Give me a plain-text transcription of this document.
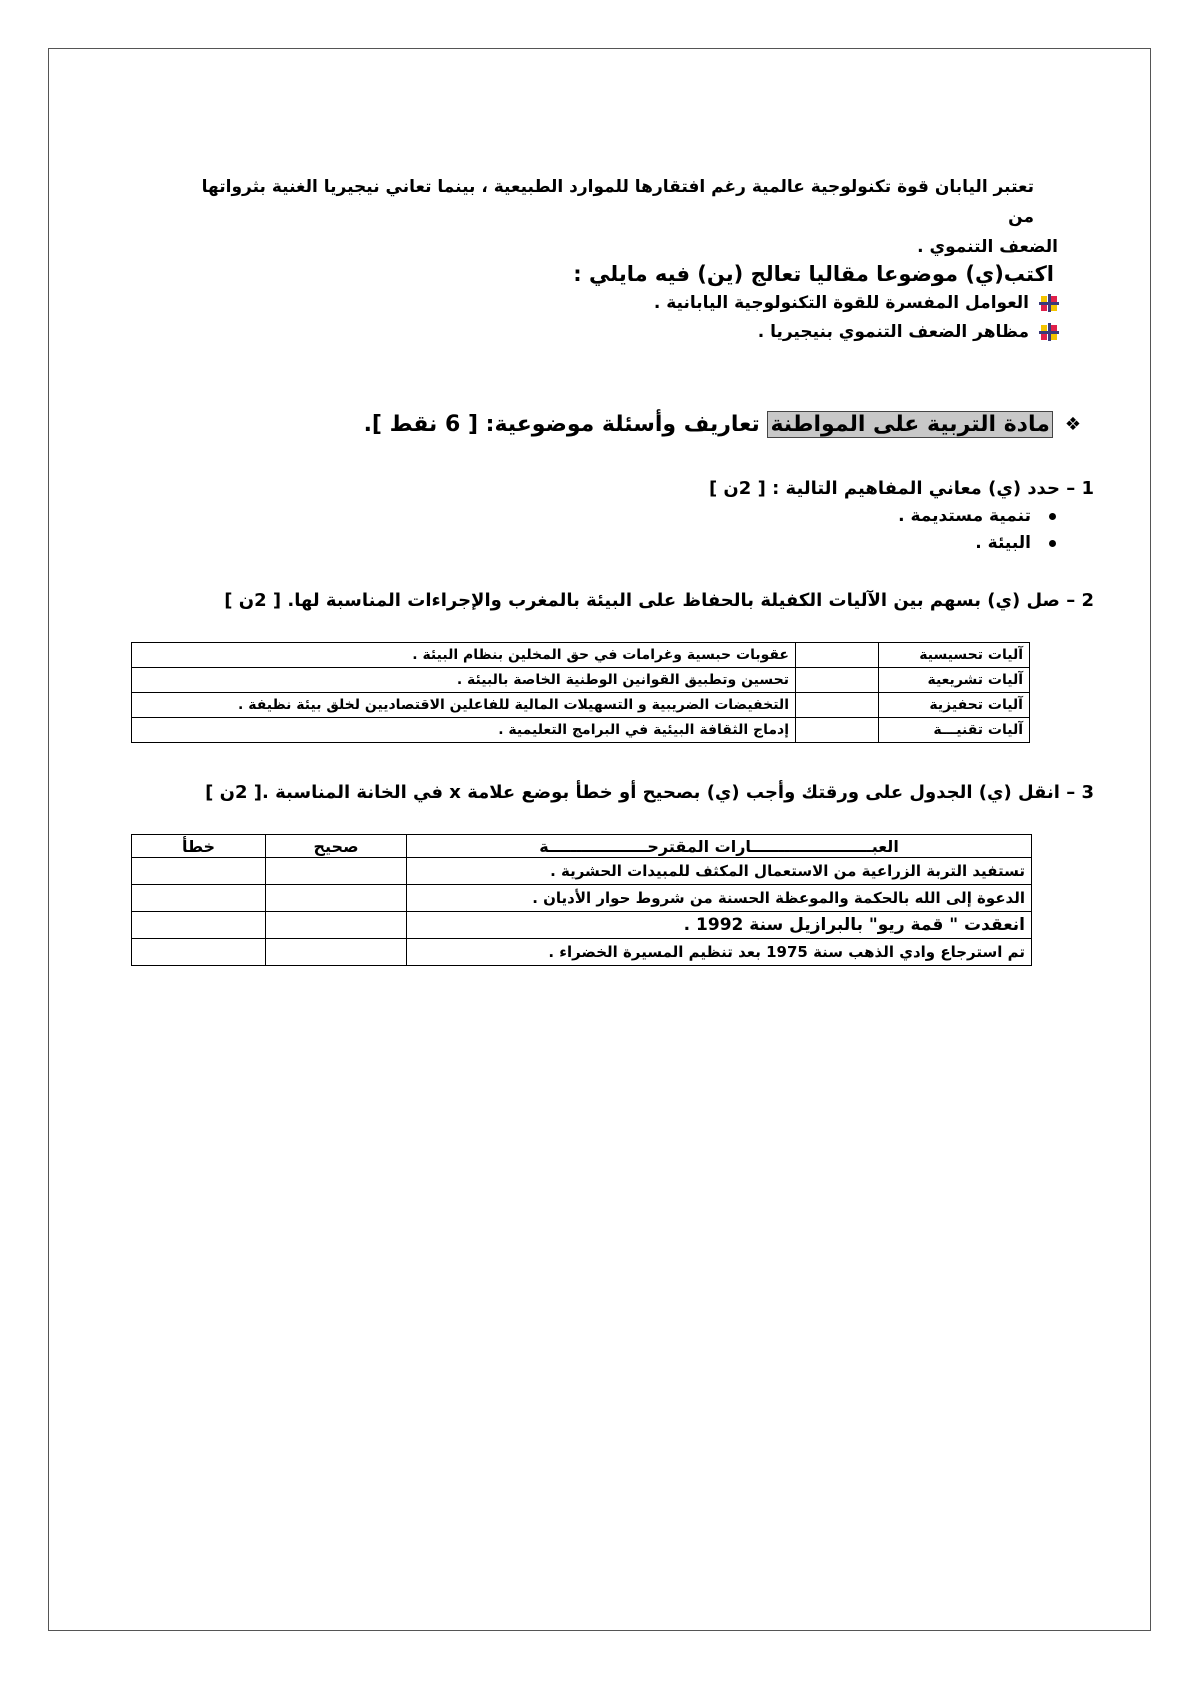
تعتبر اليابان قوة تكنولوجية عالمية رغم افتقارها للموارد الطبيعية ، بينما تعاني نيجيريا الغنية بثرواتها من
الضعف التنموي .
اكتب(ي) موضوعا مقاليا تعالج (ين) فيه مايلي :
العوامل المفسرة للقوة التكنولوجية اليابانية .
مظاهر الضعف التنموي بنيجيريا .
❖
مادة التربية على المواطنة تعاريف وأسئلة موضوعية: [ 6 نقط ].
1 – حدد (ي) معاني المفاهيم التالية : [ 2ن ]
تنمية مستديمة .
البيئة .
2 – صل (ي) بسهم بين الآليات الكفيلة بالحفاظ على البيئة بالمغرب والإجراءات المناسبة لها. [ 2ن ]
آليات تحسيسية		عقوبات حبسية وغرامات في حق المخلين بنظام البيئة .
آليات تشريعية		تحسين وتطبيق القوانين الوطنية الخاصة بالبيئة .
آليات تحفيزية		التخفيضات الضريبية و التسهيلات المالية للفاعلين الاقتصاديين لخلق بيئة نظيفة .
آليات تقنيـــة		إدماج الثقافة البيئية في البرامج التعليمية .
3 – انقل (ي) الجدول على ورقتك وأجب (ي) بصحيح أو خطأ بوضع علامة x في الخانة المناسبة .[ 2ن ]
العبــــــــــــــــــــــارات المقترحــــــــــــــــــة	صحيح	خطأ
تستفيد التربة الزراعية من الاستعمال المكثف للمبيدات الحشرية .		
الدعوة إلى الله بالحكمة والموعظة الحسنة من شروط حوار الأديان .		
انعقدت " قمة ريو" بالبرازيل سنة 1992 .		
تم استرجاع وادي الذهب سنة 1975 بعد تنظيم المسيرة الخضراء .		
